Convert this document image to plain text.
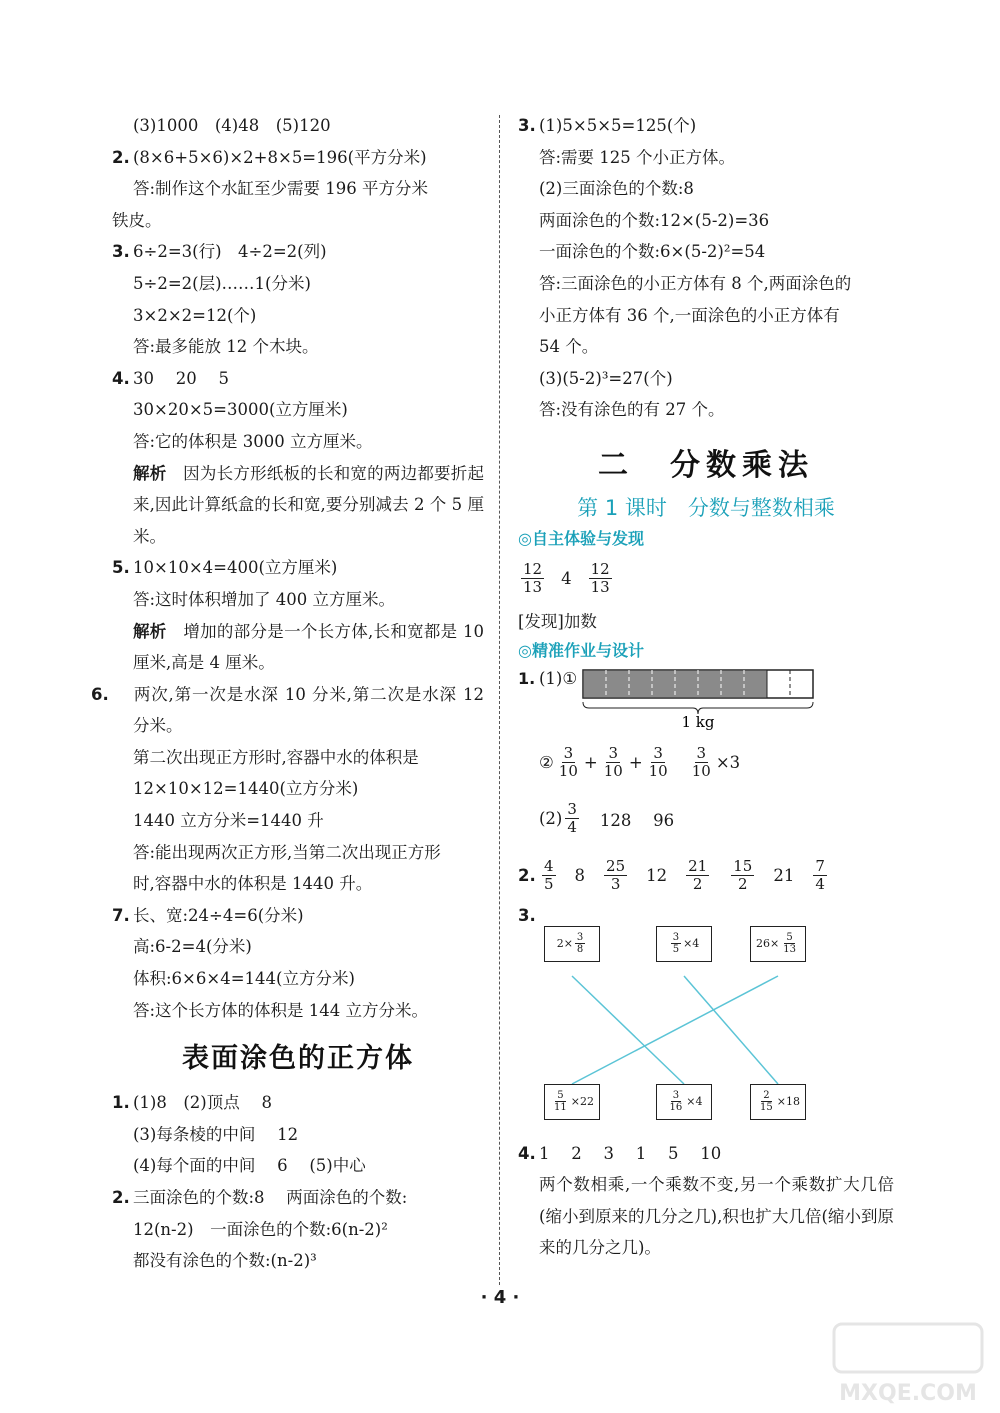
(3)1000　(4)48　(5)120
2. (8×6+5×6)×2+8×5=196(平方分米)
答:制作这个水缸至少需要 196 平方分米
铁皮。
3. 6÷2=3(行)　4÷2=2(列)
5÷2=2(层)……1(分米)
3×2×2=12(个)
答:最多能放 12 个木块。
4. 30　 20　 5
30×20×5=3000(立方厘米)
答:它的体积是 3000 立方厘米。
解析　因为长方形纸板的长和宽的两边都要折起来,因此计算纸盒的长和宽,要分别减去 2 个 5 厘米。
5. 10×10×4=400(立方厘米)
答:这时体积增加了 400 立方厘米。
解析　增加的部分是一个长方体,长和宽都是 10 厘米,高是 4 厘米。
6. 两次,第一次是水深 10 分米,第二次是水深 12 分米。
第二次出现正方形时,容器中水的体积是
12×10×12=1440(立方分米)
1440 立方分米=1440 升
答:能出现两次正方形,当第二次出现正方形
时,容器中水的体积是 1440 升。
7. 长、宽:24÷4=6(分米)
高:6-2=4(分米)
体积:6×6×4=144(立方分米)
答:这个长方体的体积是 144 立方分米。
表面涂色的正方体
1. (1)8　(2)顶点　 8
(3)每条棱的中间　 12
(4)每个面的中间　 6　 (5)中心
2. 三面涂色的个数:8　 两面涂色的个数:
12(n-2)　一面涂色的个数:6(n-2)²
都没有涂色的个数:(n-2)³
3. (1)5×5×5=125(个)
答:需要 125 个小正方体。
(2)三面涂色的个数:8
两面涂色的个数:12×(5-2)=36
一面涂色的个数:6×(5-2)²=54
答:三面涂色的小正方体有 8 个,两面涂色的
小正方体有 36 个,一面涂色的小正方体有
54 个。
(3)(5-2)³=27(个)
答:没有涂色的有 27 个。
二　分数乘法
第 1 课时　分数与整数相乘
◎自主体验与发现
$\frac{12}{13} 4 \frac{12}{13}$
[发现]加数
◎精准作业与设计
1. (1)①
1 kg
② $\frac{3}{10} + \frac{3}{10} + \frac{3}{10} \frac{3}{10} \times 3$
$(2) \frac{3}{4} 128$　 96
2. $\frac{4}{5} 8 \frac{25}{3} 12 \frac{21}{2} \frac{15}{2} 21 \frac{7}{4}$
3.
$2\times \frac{3}{8}$	$\frac{3}{5} \times 4$	$26\times \frac{5}{13}$
$\frac{5}{11} \times 22$	$\frac{3}{16} \times 4$	$\frac{2}{15} \times 18$
4. 1　 2　 3　 1　 5　 10
两个数相乘,一个乘数不变,另一个乘数扩大几倍(缩小到原来的几分之几),积也扩大几倍(缩小到原来的几分之几)。
· 4 ·
MXQE.COM
